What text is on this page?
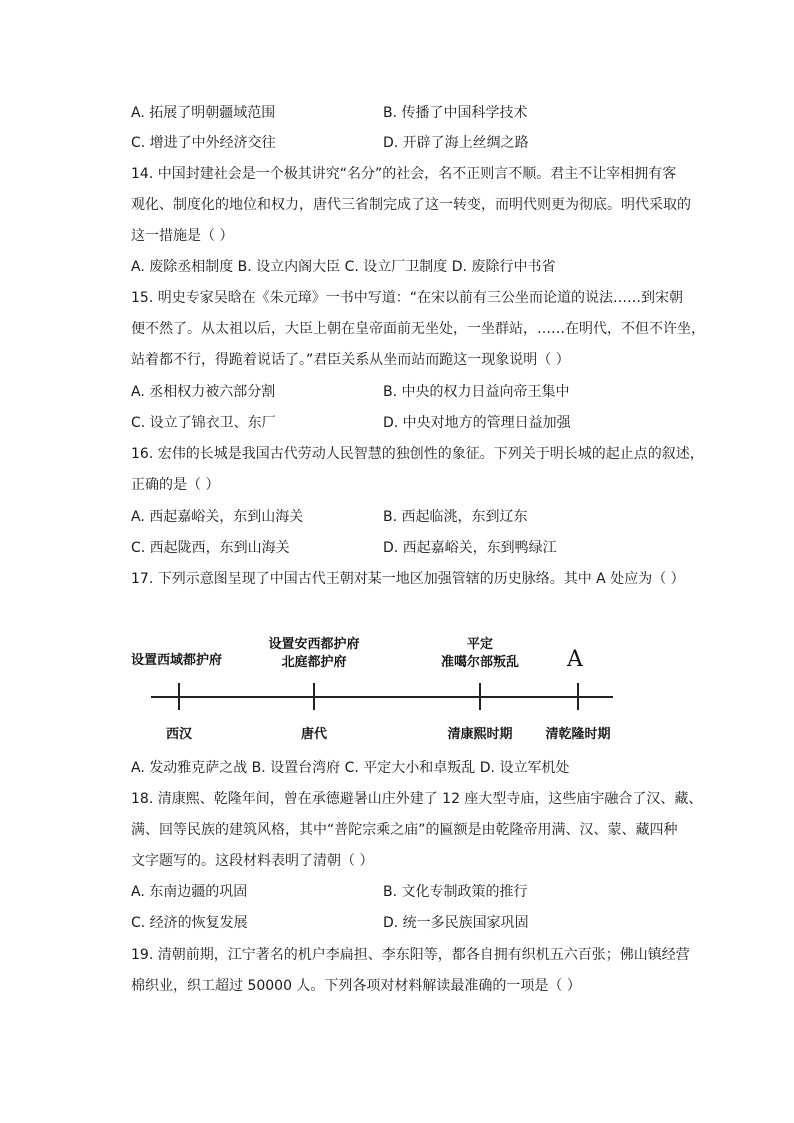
A. 拓展了明朝疆域范围	B. 传播了中国科学技术
C. 增进了中外经济交往	D. 开辟了海上丝绸之路
14. 中国封建社会是一个极其讲究“名分”的社会，名不正则言不顺。君主不让宰相拥有客
观化、制度化的地位和权力，唐代三省制完成了这一转变，而明代则更为彻底。明代采取的
这一措施是（ ）
A. 废除丞相制度 B. 设立内阁大臣 C. 设立厂卫制度 D. 废除行中书省
15. 明史专家吴晗在《朱元璋》一书中写道：“在宋以前有三公坐而论道的说法……到宋朝
便不然了。从太祖以后，大臣上朝在皇帝面前无坐处，一坐群站，……在明代，不但不许坐，
站着都不行，得跪着说话了。”君臣关系从坐而站而跪这一现象说明（ ）
A. 丞相权力被六部分割	B. 中央的权力日益向帝王集中
C. 设立了锦衣卫、东厂	D. 中央对地方的管理日益加强
16. 宏伟的长城是我国古代劳动人民智慧的独创性的象征。下列关于明长城的起止点的叙述，
正确的是（ ）
A. 西起嘉峪关，东到山海关	B. 西起临洮，东到辽东
C. 西起陇西，东到山海关	D. 西起嘉峪关，东到鸭绿江
17. 下列示意图呈现了中国古代王朝对某一地区加强管辖的历史脉络。其中 A 处应为（ ）
设置西域都护府
设置安西都护府
北庭都护府
平定
准噶尔部叛乱	A
西汉	唐代	清康熙时期	清乾隆时期
A. 发动雅克萨之战 B. 设置台湾府 C. 平定大小和卓叛乱 D. 设立军机处
18. 清康熙、乾隆年间，曾在承德避暑山庄外建了 12 座大型寺庙，这些庙宇融合了汉、藏、
满、回等民族的建筑风格，其中“普陀宗乘之庙”的匾额是由乾隆帝用满、汉、蒙、藏四种
文字题写的。这段材料表明了清朝（ ）
A. 东南边疆的巩固	B. 文化专制政策的推行
C. 经济的恢复发展	D. 统一多民族国家巩固
19. 清朝前期，江宁著名的机户李扁担、李东阳等，都各自拥有织机五六百张；佛山镇经营
棉织业，织工超过 50000 人。下列各项对材料解读最准确的一项是（ ）
